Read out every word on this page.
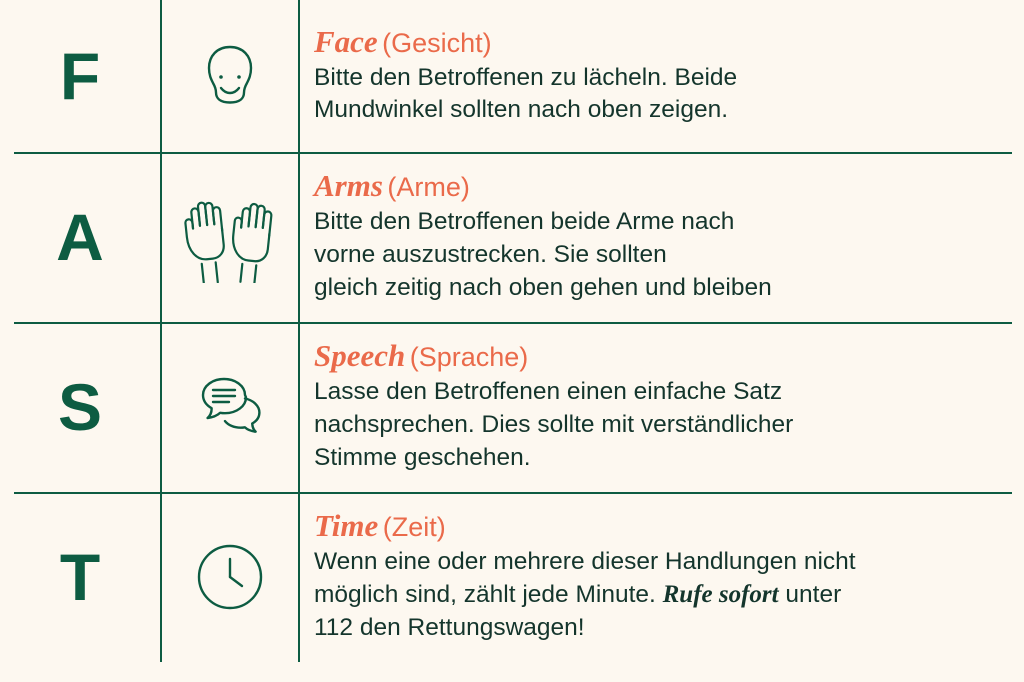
F	Face (Gesicht)
Bitte den Betroffenen zu lächeln. Beide
Mundwinkel sollten nach oben zeigen.
A
Arms (Arme)
Bitte den Betroffenen beide Arme nach
vorne auszustrecken. Sie sollten
gleich zeitig nach oben gehen und bleiben
S
Speech (Sprache)
Lasse den Betroffenen einen einfache Satz
nachsprechen. Dies sollte mit verständlicher
Stimme geschehen.
T
Time (Zeit)
Wenn eine oder mehrere dieser Handlungen nicht
möglich sind, zählt jede Minute. Rufe sofort unter
112 den Rettungswagen!
